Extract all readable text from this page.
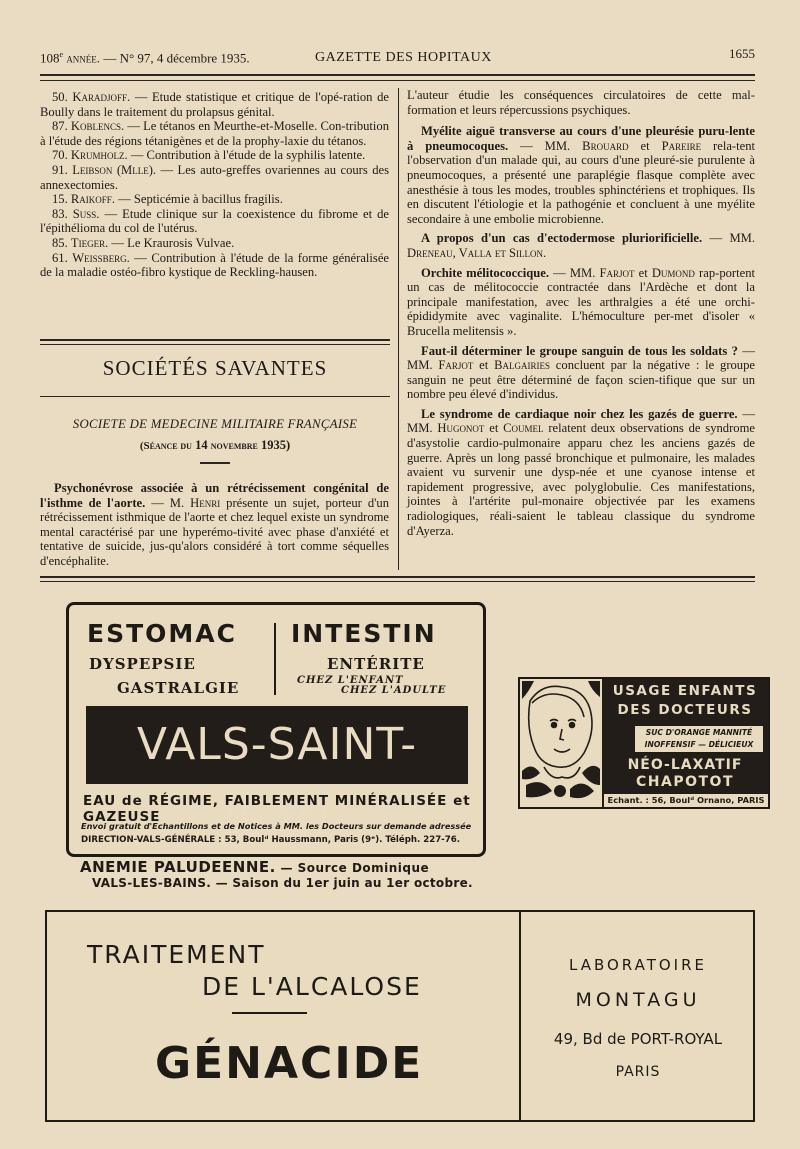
108e année. — N° 97, 4 décembre 1935.	GAZETTE DES HOPITAUX	1655

50. Karadjoff. — Etude statistique et critique de l'opé-ration de Boully dans le traitement du prolapsus génital.

87. Koblencs. — Le tétanos en Meurthe-et-Moselle. Con-tribution à l'étude des régions tétanigènes et de la prophy-laxie du tétanos.

70. Krumholz. — Contribution à l'étude de la syphilis latente.

91. Leibson (Mlle). — Les auto-greffes ovariennes au cours des annexectomies.

15. Raikoff. — Septicémie à bacillus fragilis.

83. Suss. — Etude clinique sur la coexistence du fibrome et de l'épithélioma du col de l'utérus.

85. Tieger. — Le Kraurosis Vulvae.

61. Weissberg. — Contribution à l'étude de la forme généralisée de la maladie ostéo-fibro kystique de Reckling-hausen.

SOCIÉTÉS SAVANTES
SOCIETE DE MEDECINE MILITAIRE FRANÇAISE
(Séance du 14 novembre 1935)

Psychonévrose associée à un rétrécissement congénital de l'isthme de l'aorte. — M. Henri présente un sujet, porteur d'un rétrécissement isthmique de l'aorte et chez lequel existe un syndrome mental caractérisé par une hyperémo-tivité avec phase d'anxiété et tentative de suicide, jus-qu'alors considéré à tort comme séquelles d'encéphalite.

L'auteur étudie les conséquences circulatoires de cette mal-formation et leurs répercussions psychiques.

Myélite aiguë transverse au cours d'une pleurésie puru-lente à pneumocoques. — MM. Brouard et Pareire rela-tent l'observation d'un malade qui, au cours d'une pleuré-sie purulente à pneumocoques, a présenté une paraplégie flasque complète avec anesthésie à tous les modes, troubles sphinctériens et trophiques. Ils en discutent l'étiologie et la pathogénie et concluent à une myélite secondaire à une embolie microbienne.

A propos d'un cas d'ectodermose pluriorificielle. — MM. Dreneau, Valla et Sillon.

Orchite mélitococcique. — MM. Farjot et Dumond rap-portent un cas de mélitococcie contractée dans l'Ardèche et dont la principale manifestation, avec les arthralgies a été une orchi-épididymite avec vaginalite. L'hémoculture per-met d'isoler « Brucella melitensis ».

Faut-il déterminer le groupe sanguin de tous les soldats ? — MM. Farjot et Balgairies concluent par la négative : le groupe sanguin ne peut être déterminé de façon scien-tifique que sur un nombre peu élevé d'individus.

Le syndrome de cardiaque noir chez les gazés de guerre. — MM. Hugonot et Coumel relatent deux observations de syndrome d'asystolie cardio-pulmonaire apparu chez les anciens gazés de guerre. Après un long passé bronchique et pulmonaire, les malades avaient vu survenir une dysp-née et une cyanose intense et rapidement progressive, avec polyglobulie. Ces manifestations, jointes à l'artérite pul-monaire objectivée par les examens radiologiques, réali-saient le tableau classique du syndrome d'Ayerza.

ESTOMAC INTESTIN
DYSPEPSIE
GASTRALGIE
ENTÉRITE
CHEZ L'ENFANT
CHEZ L'ADULTE
VALS-SAINT-JEAN
EAU de RÉGIME, FAIBLEMENT MINÉRALISÉE et GAZEUSE
Envoi gratuit d'Echantillons et de Notices à MM. les Docteurs sur demande adressée
DIRECTION-VALS-GÉNÉRALE : 53, Boulᵈ Haussmann, Paris (9ᵉ). Téléph. 227-76.
ANEMIE PALUDEENNE. — Source Dominique
VALS-LES-BAINS. — Saison du 1er juin au 1er octobre.
USAGE ENFANTS
DES DOCTEURS
SUC D'ORANGE MANNITÉ
INOFFENSIF — DÉLICIEUX
NÉO-LAXATIF
CHAPOTOT
Echant. : 56, Boulᵈ Ornano, PARIS
TRAITEMENT
DE L'ALCALOSE
GÉNACIDE
LABORATOIRE
MONTAGU
49, Bd de PORT-ROYAL
PARIS
